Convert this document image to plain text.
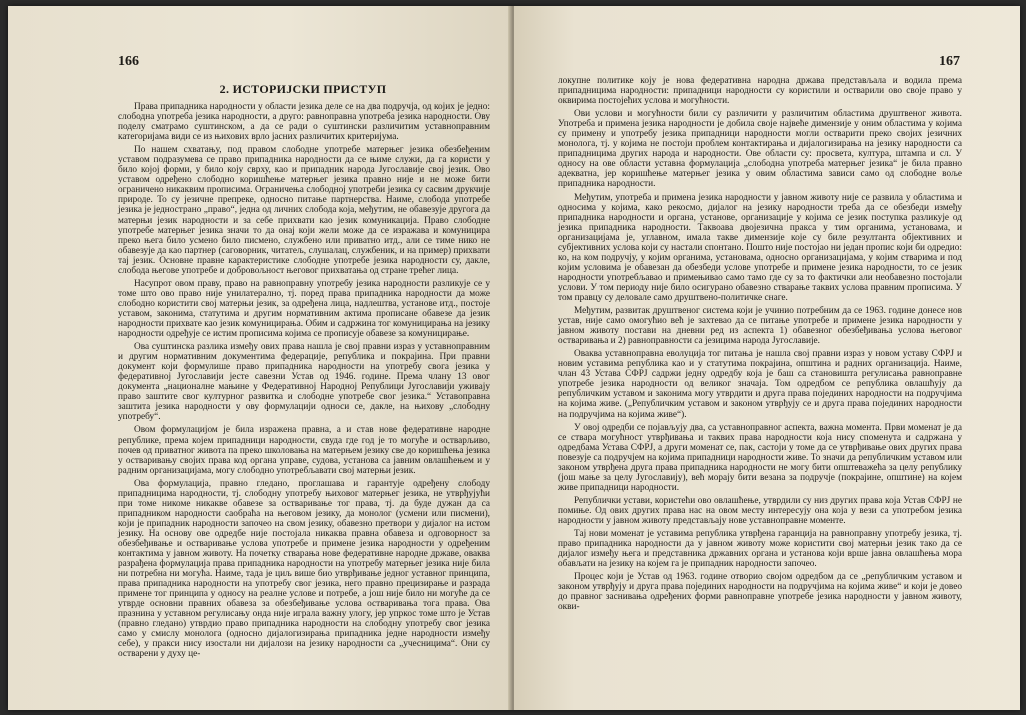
166
2. ИСТОРИЈСКИ ПРИСТУП

Права припадника народности у области језика деле се на два подручја, од којих је једно: слободна употреба језика народности, а друго: равноправна употреба језика народности. Ову поделу сматрамо суштинском, а да се ради о суштински различитим уставноправним категоријама види се из њихових врло јасних различитих критеријума.

По нашем схватању, под правом слободне употребе матерњег језика обезбеђеним уставом подразумева се право припадника народности да се њиме служи, да га користи у било којој форми, у било коју сврху, као и припадник народа Југославије свој језик. Ово уставом одређено слободно коришћење матерњег језика правно није и не може бити ограничено никаквим прописима. Ограничења слободној употреби језика су сасвим друкчије природе. То су језичне препреке, односно питање партнерства. Наиме, слобода употребе језика је једностранo „право“, једна од личних слобода која, међутим, не обавезује другога да матерњи језик народности и за себе прихвати као језик комуникација. Право слободне употребе матерњег језика значи то да онај који жели може да се изражава и комуницира преко њега било усмено било писмено, службено или приватно итд., али се тиме нико не обавезује да као партнер (саговорник, читатељ, слушалац, службеник, и на пример) прихвати тај језик. Основне правне карактеристике слободне употребе језика народности су, дакле, слобода његове употребе и добровољност његовог прихватања од стране трећег лица.

Насупрот овом праву, право на равноправну употребу језика народности разликује се у томе што ово право није унилатерално, тј. поред права припадника народности да може слободно користити свој матерњи језик, за одређена лица, надлештва, установе итд., постоје уставом, законима, статутима и другим нормативним актима прописане обавезе да језик народности прихвате као језик комуницирања. Обим и садржина тог комуницирања на језику народности одређује се истим прописима којима се прописује обавезе за комуницирање.

Ова суштинска разлика између ових права нашла је свој правни израз у уставноправним и другим нормативним документима федерације, република и покрајина. При правни документ који формулише право припадника народности на употребу свога језика у федеративној Југославији јесте савезни Устав од 1946. године. Према члану 13 овог документа „националне мањине у Федеративној Народној Републици Југославији уживају право заштите свог културног развитка и слободне употребе свог језика.“ Уставоправна заштита језика народности у ову формулацији односи се, дакле, на њихову „слободну употребу“.

Овом формулацијом је била изражена правна, а и став нове федеративне народне републике, према којем припадници народности, свуда где год је то могуће и остварљиво, почев од приватног живота па преко школовања на матерњем језику све до коришћења језика у остваривању својих права код органа управе, судова, установа са јавним овлашћењем и у радним организацијама, могу слободно употребљавати свој матерњи језик.

Ова формулација, правно гледано, проглашава и гарантује одређену слободу припадницима народности, тј. слободну употребу њиховог матерњег језика, не утврђујући при томе никоме никакве обавезе за остваривање тог права, тј. да буде дужан да са припадником народности саобраћа на његовом језику, да монолог (усмени или писмени), који је припадник народности започео на свом језику, обавезно претвори у дијалог на истом језику. На основу ове одредбе није постојала никаква правна обавеза и одговорност за обезбеђивање и остваривање условa употребе и примене језика народности у одређеним контактима у јавном животу. На почетку стварања нове федеративне народне државе, оваква разрађена формулација права припадника народности на употребу матерњег језика није била ни потребна ни могућа. Наиме, тада је циљ више био утврђивање једног уставног принципа, права припадника народности на употребу свог језика, него правно прецизирање и разрада примене тог принципа у односу на реалне услове и потребе, а још није било ни могуће да се утврде основни правних обавеза за обезбеђивање услова остваривања тога права. Ова празнина у уставном регулисању онда није играла важну улогу, јер упркос томе што је Устав (правно гледано) утврдио право припадника народности на слободну употребу свог језика само у смислу монолога (односно дијалогизирања припадника једне народности између себе), у пракси нису изостали ни дијалози на језику народности са „учесницима“. Они су остварени у духу це-

167

локупне политике коју је нова федеративна народна држава представљала и водила према припадницима народности: припадници народности су користили и остварили ово своје право у оквирима постојећих услова и могућности.

Ови услови и могућности били су различити у различитим областима друштвеног живота. Употреба и примена језика народности је добила своје највеће димензије у оним областима у којима су примену и употребу језика припадници народности могли остварити преко својих језичних монолога, тј. у којима не постоји проблем контактирања и дијалогизирања на језику народности са припадницима других народа и народности. Ове области су: просвета, култура, штампа и сл. У односу на ове области уставна формулација „слободна употреба матерњег језика“ је била правно адекватна, јер коришћење матерњег језика у овим областима зависи само од слободне воље припадника народности.

Међутим, употреба и примена језика народности у јавном животу није се развила у областима и односима у којима, како рекосмо, дијалог на језику народности треба да се обезбеди између припадника народности и органа, установе, организације у којима се језик поступка разликује од језика припадника народности. Таквоава двојезична пракса у тим органима, установама, и организацијама је, углавном, имала такве димензије које су биле резултанта објективних и субјективних услова који су настали спонтано. Пошто није постојао ни један пропис који би одредио: ко, на ком подручју, у којим органима, установама, односно организацијама, у којим стварима и под којим условима је обавезан да обезбеди услове употребе и примене језика народности, то се језик народности употребљавао и примењивао само тамо где су за то фактички али необавезно постојали услови. У том периоду није било осигурано обавезно стварање таквих услова правним прописима. У том правцу су деловале само друштвено-политичке снаге.

Међутим, развитак друштвеног система који је учинио потребним да се 1963. године донесе нов устав, није само омогућио већ је захтевао да се питање употребе и примене језика народности у јавном животу постави на дневни ред из аспекта 1) обавезног обезбеђивања услова његовог остваривања и 2) равноправности са језицима народа Југославије.

Оваква уставноправна еволуција тог питања је нашла свој правни израз у новом уставу СФРЈ и новим уставима република као и у статутима покрајина, општина и радних организација. Наиме, члан 43 Устава СФРЈ садржи једну одредбу која је баш са становишта регулисања равноправне употребе језика народности од великог значаја. Том одредбом се република овлашћују да републичким уставом и законима могу утврдити и друга права појединих народности на подручјима на којима живе. („Републичким уставом и законом утврђују се и друга права појединих народности на подручјима на којима живе“).

У овој одредби се појављују два, са уставноправног аспекта, важна момента. Први моменат је да се ствара могућност утврђивања и таквих права народности која нису споменута и садржана у одредбама Устава СФРЈ, а други моменат се, пак, састоји у томе да се утврђивање ових других права повезује са подручјем на којима припадници народности живе. То значи да републичким уставом или законом утврђена друга права припадника народности не могу бити општеважећа за целу републику (још мање за целу Југославију), већ морају бити везана за подручје (покрајине, општине) на којем живе припадници народности.

Републички устави, користећи ово овлашћење, утврдили су низ других права која Устав СФРЈ не помиње. Од ових других права нас на овом месту интересују она која у вези са употребом језика народности у јавном животу представљају нове уставноправне моменте.

Тај нови моменат је уставима република утврђена гаранција на равноправну употребу језика, тј. право припадника народности да у јавном животу може користити свој матерњи језик тако да се дијалог између њега и представника државних органа и установа који врше јавна овлашћења мора обављати на језику на којем га је припадник народности започео.

Процес који је Устав од 1963. године отворио својом одредбом да се „републичким уставом и законом утврђују и друга права појединих народности на подручјима на којима живе“ и који је довео до правног заснивања одређених форми равноправне употребе језика народности у јавном животу, окви-
